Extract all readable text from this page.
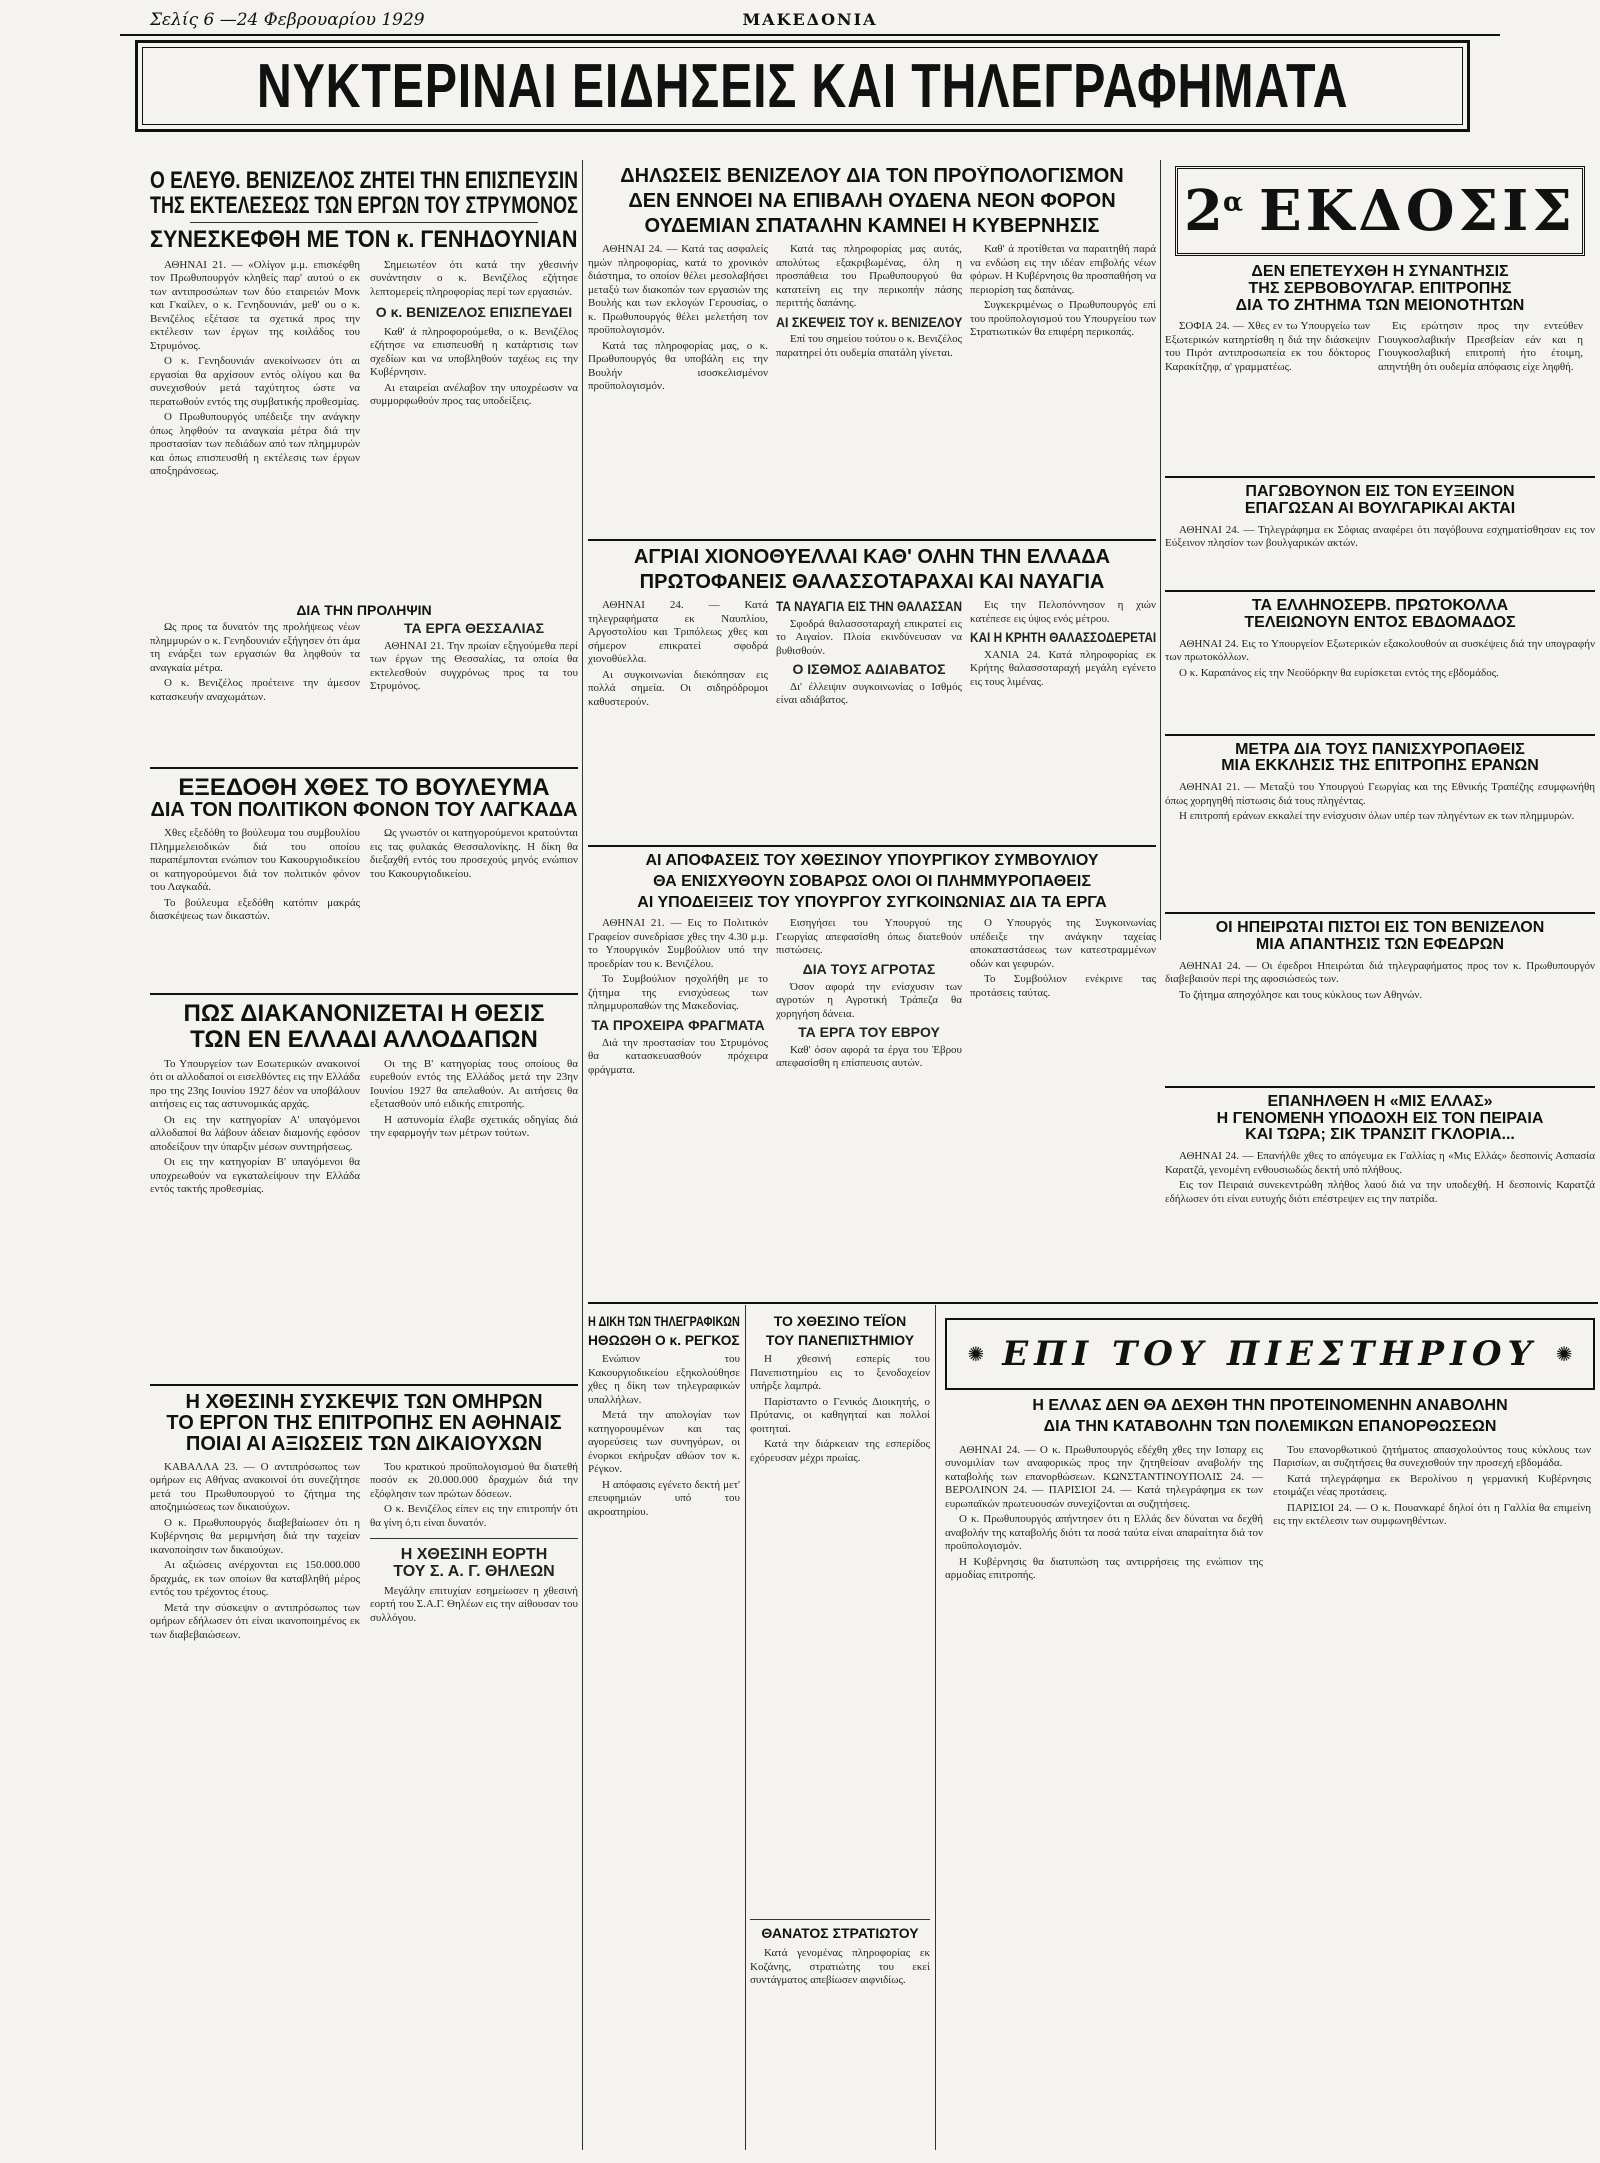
Σελίς 6 —24 Φεβρουαρίου 1929	ΜΑΚΕΔΟΝΙΑ
ΝΥΚΤΕΡΙΝΑΙ ΕΙΔΗΣΕΙΣ ΚΑΙ ΤΗΛΕΓΡΑΦΗΜΑΤΑ
Ο ΕΛΕΥΘ. ΒΕΝΙΖΕΛΟΣ ΖΗΤΕΙ ΤΗΝ ΕΠΙΣΠΕΥΣΙΝ
ΤΗΣ ΕΚΤΕΛΕΣΕΩΣ ΤΩΝ ΕΡΓΩΝ ΤΟΥ ΣΤΡΥΜΟΝΟΣ
ΣΥΝΕΣΚΕΦΘΗ ΜΕ ΤΟΝ κ. ΓΕΝΗΔΟΥΝΙΑΝ

ΑΘΗΝΑΙ 21. — «Ολίγον μ.μ. επισκέφθη τον Πρωθυπουργόν κληθείς παρ' αυτού ο εκ των αντιπροσώπων των δύο εταιρειών Μονκ και Γκαίλεν, ο κ. Γενηδουνιάν, μεθ' ου ο κ. Βενιζέλος εξέτασε τα σχετικά προς την εκτέλεσιν των έργων της κοιλάδος του Στρυμόνος.

Ο κ. Γενηδουνιάν ανεκοίνωσεν ότι αι εργασίαι θα αρχίσουν εντός ολίγου και θα συνεχισθούν μετά ταχύτητος ώστε να περατωθούν εντός της συμβατικής προθεσμίας.

Ο Πρωθυπουργός υπέδειξε την ανάγκην όπως ληφθούν τα αναγκαία μέτρα διά την προστασίαν των πεδιάδων από των πλημμυρών και όπως επισπευσθή η εκτέλεσις των έργων αποξηράνσεως.

Σημειωτέον ότι κατά την χθεσινήν συνάντησιν ο κ. Βενιζέλος εζήτησε λεπτομερείς πληροφορίας περί των εργασιών.

Ο κ. ΒΕΝΙΖΕΛΟΣ ΕΠΙΣΠΕΥΔΕΙ

Καθ' ά πληροφορούμεθα, ο κ. Βενιζέλος εζήτησε να επισπευσθή η κατάρτισις των σχεδίων και να υποβληθούν ταχέως εις την Κυβέρνησιν.

Αι εταιρείαι ανέλαβον την υποχρέωσιν να συμμορφωθούν προς τας υποδείξεις.

ΔΙΑ ΤΗΝ ΠΡΟΛΗΨΙΝ

Ως προς τα δυνατόν της προλήψεως νέων πλημμυρών ο κ. Γενηδουνιάν εξήγησεν ότι άμα τη ενάρξει των εργασιών θα ληφθούν τα αναγκαία μέτρα.

Ο κ. Βενιζέλος προέτεινε την άμεσον κατασκευήν αναχωμάτων.

ΤΑ ΕΡΓΑ ΘΕΣΣΑΛΙΑΣ

ΑΘΗΝΑΙ 21. Την πρωίαν εξηγούμεθα περί των έργων της Θεσσαλίας, τα οποία θα εκτελεσθούν συγχρόνως προς τα του Στρυμόνος.

ΕΞΕΔΟΘΗ ΧΘΕΣ ΤΟ ΒΟΥΛΕΥΜΑ
ΔΙΑ ΤΟΝ ΠΟΛΙΤΙΚΟΝ ΦΟΝΟΝ ΤΟΥ ΛΑΓΚΑΔΑ

Χθες εξεδόθη το βούλευμα του συμβουλίου Πλημμελειοδικών διά του οποίου παραπέμπονται ενώπιον του Κακουργιοδικείου οι κατηγορούμενοι διά τον πολιτικόν φόνον του Λαγκαδά.

Το βούλευμα εξεδόθη κατόπιν μακράς διασκέψεως των δικαστών.

Ως γνωστόν οι κατηγορούμενοι κρατούνται εις τας φυλακάς Θεσσαλονίκης. Η δίκη θα διεξαχθή εντός του προσεχούς μηνός ενώπιον του Κακουργιοδικείου.

ΠΩΣ ΔΙΑΚΑΝΟΝΙΖΕΤΑΙ Η ΘΕΣΙΣ
ΤΩΝ ΕΝ ΕΛΛΑΔΙ ΑΛΛΟΔΑΠΩΝ

Το Υπουργείον των Εσωτερικών ανακοινοί ότι οι αλλοδαποί οι εισελθόντες εις την Ελλάδα προ της 23ης Ιουνίου 1927 δέον να υποβάλουν αιτήσεις εις τας αστυνομικάς αρχάς.

Οι εις την κατηγορίαν Α' υπαγόμενοι αλλοδαποί θα λάβουν άδειαν διαμονής εφόσον αποδείξουν την ύπαρξιν μέσων συντηρήσεως.

Οι εις την κατηγορίαν Β' υπαγόμενοι θα υποχρεωθούν να εγκαταλείψουν την Ελλάδα εντός τακτής προθεσμίας.

Οι της Β' κατηγορίας τους οποίους θα ευρεθούν εντός της Ελλάδος μετά την 23ην Ιουνίου 1927 θα απελαθούν. Αι αιτήσεις θα εξετασθούν υπό ειδικής επιτροπής.

Η αστυνομία έλαβε σχετικάς οδηγίας διά την εφαρμογήν των μέτρων τούτων.

Η ΧΘΕΣΙΝΗ ΣΥΣΚΕΨΙΣ ΤΩΝ ΟΜΗΡΩΝ
ΤΟ ΕΡΓΟΝ ΤΗΣ ΕΠΙΤΡΟΠΗΣ ΕΝ ΑΘΗΝΑΙΣ
ΠΟΙΑΙ ΑΙ ΑΞΙΩΣΕΙΣ ΤΩΝ ΔΙΚΑΙΟΥΧΩΝ

ΚΑΒΑΛΛΑ 23. — Ο αντιπρόσωπος των ομήρων εις Αθήνας ανακοινοί ότι συνεζήτησε μετά του Πρωθυπουργού το ζήτημα της αποζημιώσεως των δικαιούχων.

Ο κ. Πρωθυπουργός διαβεβαίωσεν ότι η Κυβέρνησις θα μεριμνήση διά την ταχείαν ικανοποίησιν των δικαιούχων.

Αι αξιώσεις ανέρχονται εις 150.000.000 δραχμάς, εκ των οποίων θα καταβληθή μέρος εντός του τρέχοντος έτους.

Μετά την σύσκεψιν ο αντιπρόσωπος των ομήρων εδήλωσεν ότι είναι ικανοποιημένος εκ των διαβεβαιώσεων.

Του κρατικού προϋπολογισμού θα διατεθή ποσόν εκ 20.000.000 δραχμών διά την εξόφλησιν των πρώτων δόσεων.

Ο κ. Βενιζέλος είπεν εις την επιτροπήν ότι θα γίνη ό,τι είναι δυνατόν.

Η ΧΘΕΣΙΝΗ ΕΟΡΤΗ
ΤΟΥ Σ. Α. Γ. ΘΗΛΕΩΝ

Μεγάλην επιτυχίαν εσημείωσεν η χθεσινή εορτή του Σ.Α.Γ. Θηλέων εις την αίθουσαν του συλλόγου.

ΔΗΛΩΣΕΙΣ ΒΕΝΙΖΕΛΟΥ ΔΙΑ ΤΟΝ ΠΡΟΫΠΟΛΟΓΙΣΜΟΝ
ΔΕΝ ΕΝΝΟΕΙ ΝΑ ΕΠΙΒΑΛΗ ΟΥΔΕΝΑ ΝΕΟΝ ΦΟΡΟΝ
ΟΥΔΕΜΙΑΝ ΣΠΑΤΑΛΗΝ ΚΑΜΝΕΙ Η ΚΥΒΕΡΝΗΣΙΣ

ΑΘΗΝΑΙ 24. — Κατά τας ασφαλείς ημών πληροφορίας, κατά το χρονικόν διάστημα, το οποίον θέλει μεσολαβήσει μεταξύ των διακοπών των εργασιών της Βουλής και των εκλογών Γερουσίας, ο κ. Πρωθυπουργός θέλει μελετήση τον προϋπολογισμόν.

Κατά τας πληροφορίας μας, ο κ. Πρωθυπουργός θα υποβάλη εις την Βουλήν ισοσκελισμένον προϋπολογισμόν.

Κατά τας πληροφορίας μας αυτάς, απολύτως εξακριβωμένας, όλη η προσπάθεια του Πρωθυπουργού θα κατατείνη εις την περικοπήν πάσης περιττής δαπάνης.

ΑΙ ΣΚΕΨΕΙΣ ΤΟΥ κ. ΒΕΝΙΖΕΛΟΥ

Επί του σημείου τούτου ο κ. Βενιζέλος παρατηρεί ότι ουδεμία σπατάλη γίνεται.

Καθ' ά προτίθεται να παραιτηθή παρά να ενδώση εις την ιδέαν επιβολής νέων φόρων. Η Κυβέρνησις θα προσπαθήση να περιορίση τας δαπάνας.

Συγκεκριμένως ο Πρωθυπουργός επί του προϋπολογισμού του Υπουργείου των Στρατιωτικών θα επιφέρη περικοπάς.

ΑΓΡΙΑΙ ΧΙΟΝΟΘΥΕΛΛΑΙ ΚΑΘ' ΟΛΗΝ ΤΗΝ ΕΛΛΑΔΑ
ΠΡΩΤΟΦΑΝΕΙΣ ΘΑΛΑΣΣΟΤΑΡΑΧΑΙ ΚΑΙ ΝΑΥΑΓΙΑ

ΑΘΗΝΑΙ 24. — Κατά τηλεγραφήματα εκ Ναυπλίου, Αργοστολίου και Τριπόλεως χθες και σήμερον επικρατεί σφοδρά χιονοθύελλα.

Αι συγκοινωνίαι διεκόπησαν εις πολλά σημεία. Οι σιδηρόδρομοι καθυστερούν.

ΤΑ ΝΑΥΑΓΙΑ ΕΙΣ ΤΗΝ ΘΑΛΑΣΣΑΝ

Σφοδρά θαλασσοταραχή επικρατεί εις το Αιγαίον. Πλοία εκινδύνευσαν να βυθισθούν.

Ο ΙΣΘΜΟΣ ΑΔΙΑΒΑΤΟΣ

Δι' έλλειψιν συγκοινωνίας ο Ισθμός είναι αδιάβατος.

Εις την Πελοπόννησον η χιών κατέπεσε εις ύψος ενός μέτρου.

ΚΑΙ Η ΚΡΗΤΗ ΘΑΛΑΣΣΟΔΕΡΕΤΑΙ

ΧΑΝΙΑ 24. Κατά πληροφορίας εκ Κρήτης θαλασσοταραχή μεγάλη εγένετο εις τους λιμένας.

ΑΙ ΑΠΟΦΑΣΕΙΣ ΤΟΥ ΧΘΕΣΙΝΟΥ ΥΠΟΥΡΓΙΚΟΥ ΣΥΜΒΟΥΛΙΟΥ
ΘΑ ΕΝΙΣΧΥΘΟΥΝ ΣΟΒΑΡΩΣ ΟΛΟΙ ΟΙ ΠΛΗΜΜΥΡΟΠΑΘΕΙΣ
ΑΙ ΥΠΟΔΕΙΞΕΙΣ ΤΟΥ ΥΠΟΥΡΓΟΥ ΣΥΓΚΟΙΝΩΝΙΑΣ ΔΙΑ ΤΑ ΕΡΓΑ

ΑΘΗΝΑΙ 21. — Εις το Πολιτικόν Γραφείον συνεδρίασε χθες την 4.30 μ.μ. το Υπουργικόν Συμβούλιον υπό την προεδρίαν του κ. Βενιζέλου.

Το Συμβούλιον ησχολήθη με το ζήτημα της ενισχύσεως των πλημμυροπαθών της Μακεδονίας.

ΤΑ ΠΡΟΧΕΙΡΑ ΦΡΑΓΜΑΤΑ

Διά την προστασίαν του Στρυμόνος θα κατασκευασθούν πρόχειρα φράγματα.

Εισηγήσει του Υπουργού της Γεωργίας απεφασίσθη όπως διατεθούν πιστώσεις.

ΔΙΑ ΤΟΥΣ ΑΓΡΟΤΑΣ

Όσον αφορά την ενίσχυσιν των αγροτών η Αγροτική Τράπεζα θα χορηγήση δάνεια.

ΤΑ ΕΡΓΑ ΤΟΥ ΕΒΡΟΥ

Καθ' όσον αφορά τα έργα του Έβρου απεφασίσθη η επίσπευσις αυτών.

Ο Υπουργός της Συγκοινωνίας υπέδειξε την ανάγκην ταχείας αποκαταστάσεως των κατεστραμμένων οδών και γεφυρών.

Το Συμβούλιον ενέκρινε τας προτάσεις ταύτας.

Η ΔΙΚΗ ΤΩΝ ΤΗΛΕΓΡΑΦΙΚΩΝ
ΗΘΩΩΘΗ Ο κ. ΡΕΓΚΟΣ

Ενώπιον του Κακουργιοδικείου εξηκολούθησε χθες η δίκη των τηλεγραφικών υπαλλήλων.

Μετά την απολογίαν των κατηγορουμένων και τας αγορεύσεις των συνηγόρων, οι ένορκοι εκήρυξαν αθώον τον κ. Ρέγκον.

Η απόφασις εγένετο δεκτή μετ' επευφημιών υπό του ακροατηρίου.

ΤΟ ΧΘΕΣΙΝΟ ΤΕΪΟΝ
ΤΟΥ ΠΑΝΕΠΙΣΤΗΜΙΟΥ

Η χθεσινή εσπερίς του Πανεπιστημίου εις το ξενοδοχείον υπήρξε λαμπρά.

Παρίσταντο ο Γενικός Διοικητής, ο Πρύτανις, οι καθηγηταί και πολλοί φοιτηταί.

Κατά την διάρκειαν της εσπερίδος εχόρευσαν μέχρι πρωίας.

ΘΑΝΑΤΟΣ ΣΤΡΑΤΙΩΤΟΥ

Κατά γενομένας πληροφορίας εκ Κοζάνης, στρατιώτης του εκεί συντάγματος απεβίωσεν αιφνιδίως.

$2^\alpha$ ΕΚΔΟΣΙΣ
ΔΕΝ ΕΠΕΤΕΥΧΘΗ Η ΣΥΝΑΝΤΗΣΙΣ
ΤΗΣ ΣΕΡΒΟΒΟΥΛΓΑΡ. ΕΠΙΤΡΟΠΗΣ
ΔΙΑ ΤΟ ΖΗΤΗΜΑ ΤΩΝ ΜΕΙΟΝΟΤΗΤΩΝ

ΣΟΦΙΑ 24. — Χθες εν τω Υπουργείω των Εξωτερικών κατηρτίσθη η διά την διάσκεψιν του Πιρότ αντιπροσωπεία εκ του δόκτορος Καρακίτζηφ, α' γραμματέως.

Εις ερώτησιν προς την εντεύθεν Γιουγκοσλαβικήν Πρεσβείαν εάν και η Γιουγκοσλαβική επιτροπή ήτο έτοιμη, απηντήθη ότι ουδεμία απόφασις είχε ληφθή.

ΠΑΓΩΒΟΥΝΟΝ ΕΙΣ ΤΟΝ ΕΥΞΕΙΝΟΝ
ΕΠΑΓΩΣΑΝ ΑΙ ΒΟΥΛΓΑΡΙΚΑΙ ΑΚΤΑΙ

ΑΘΗΝΑΙ 24. — Τηλεγράφημα εκ Σόφιας αναφέρει ότι παγόβουνα εσχηματίσθησαν εις τον Εύξεινον πλησίον των βουλγαρικών ακτών.

ΤΑ ΕΛΛΗΝΟΣΕΡΒ. ΠΡΩΤΟΚΟΛΛΑ
ΤΕΛΕΙΩΝΟΥΝ ΕΝΤΟΣ ΕΒΔΟΜΑΔΟΣ

ΑΘΗΝΑΙ 24. Εις το Υπουργείον Εξωτερικών εξακολουθούν αι συσκέψεις διά την υπογραφήν των πρωτοκόλλων.

Ο κ. Καραπάνος είς την Νεοϋόρκην θα ευρίσκεται εντός της εβδομάδος.

ΜΕΤΡΑ ΔΙΑ ΤΟΥΣ ΠΑΝΙΣΧΥΡΟΠΑΘΕΙΣ
ΜΙΑ ΕΚΚΛΗΣΙΣ ΤΗΣ ΕΠΙΤΡΟΠΗΣ ΕΡΑΝΩΝ

ΑΘΗΝΑΙ 21. — Μεταξύ του Υπουργού Γεωργίας και της Εθνικής Τραπέζης εσυμφωνήθη όπως χορηγηθή πίστωσις διά τους πληγέντας.

Η επιτροπή εράνων εκκαλεί την ενίσχυσιν όλων υπέρ των πληγέντων εκ των πλημμυρών.

ΟΙ ΗΠΕΙΡΩΤΑΙ ΠΙΣΤΟΙ ΕΙΣ ΤΟΝ ΒΕΝΙΖΕΛΟΝ
ΜΙΑ ΑΠΑΝΤΗΣΙΣ ΤΩΝ ΕΦΕΔΡΩΝ

ΑΘΗΝΑΙ 24. — Οι έφεδροι Ηπειρώται διά τηλεγραφήματος προς τον κ. Πρωθυπουργόν διαβεβαιούν περί της αφοσιώσεώς των.

Το ζήτημα απησχόλησε και τους κύκλους των Αθηνών.

ΕΠΑΝΗΛΘΕΝ Η «ΜΙΣ ΕΛΛΑΣ»
Η ΓΕΝΟΜΕΝΗ ΥΠΟΔΟΧΗ ΕΙΣ ΤΟΝ ΠΕΙΡΑΙΑ
ΚΑΙ ΤΩΡΑ; ΣΙΚ ΤΡΑΝΣΙΤ ΓΚΛΟΡΙΑ...

ΑΘΗΝΑΙ 24. — Επανήλθε χθες το απόγευμα εκ Γαλλίας η «Μις Ελλάς» δεσποινίς Ασπασία Καρατζά, γενομένη ενθουσιωδώς δεκτή υπό πλήθους.

Εις τον Πειραιά συνεκεντρώθη πλήθος λαού διά να την υποδεχθή. Η δεσποινίς Καρατζά εδήλωσεν ότι είναι ευτυχής διότι επέστρεψεν εις την πατρίδα.

✺ ΕΠΙ ΤΟΥ ΠΙΕΣΤΗΡΙΟΥ ✺
Η ΕΛΛΑΣ ΔΕΝ ΘΑ ΔΕΧΘΗ ΤΗΝ ΠΡΟΤΕΙΝΟΜΕΝΗΝ ΑΝΑΒΟΛΗΝ
ΔΙΑ ΤΗΝ ΚΑΤΑΒΟΛΗΝ ΤΩΝ ΠΟΛΕΜΙΚΩΝ ΕΠΑΝΟΡΘΩΣΕΩΝ

ΑΘΗΝΑΙ 24. — Ο κ. Πρωθυπουργός εδέχθη χθες την Ισπαρχ εις συνομιλίαν των αναφορικώς προς την ζητηθείσαν αναβολήν της καταβολής των επανορθώσεων. ΚΩΝΣΤΑΝΤΙΝΟΥΠΟΛΙΣ 24. — ΒΕΡΟΛΙΝΟΝ 24. — ΠΑΡΙΣΙΟΙ 24. — Κατά τηλεγράφημα εκ των ευρωπαϊκών πρωτευουσών συνεχίζονται αι συζητήσεις.

Ο κ. Πρωθυπουργός απήντησεν ότι η Ελλάς δεν δύναται να δεχθή αναβολήν της καταβολής διότι τα ποσά ταύτα είναι απαραίτητα διά τον προϋπολογισμόν.

Η Κυβέρνησις θα διατυπώση τας αντιρρήσεις της ενώπιον της αρμοδίας επιτροπής.

Του επανορθωτικού ζητήματος απασχολούντος τους κύκλους των Παρισίων, αι συζητήσεις θα συνεχισθούν την προσεχή εβδομάδα.

Κατά τηλεγράφημα εκ Βερολίνου η γερμανική Κυβέρνησις ετοιμάζει νέας προτάσεις.

ΠΑΡΙΣΙΟΙ 24. — Ο κ. Πουανκαρέ δηλοί ότι η Γαλλία θα επιμείνη εις την εκτέλεσιν των συμφωνηθέντων.
